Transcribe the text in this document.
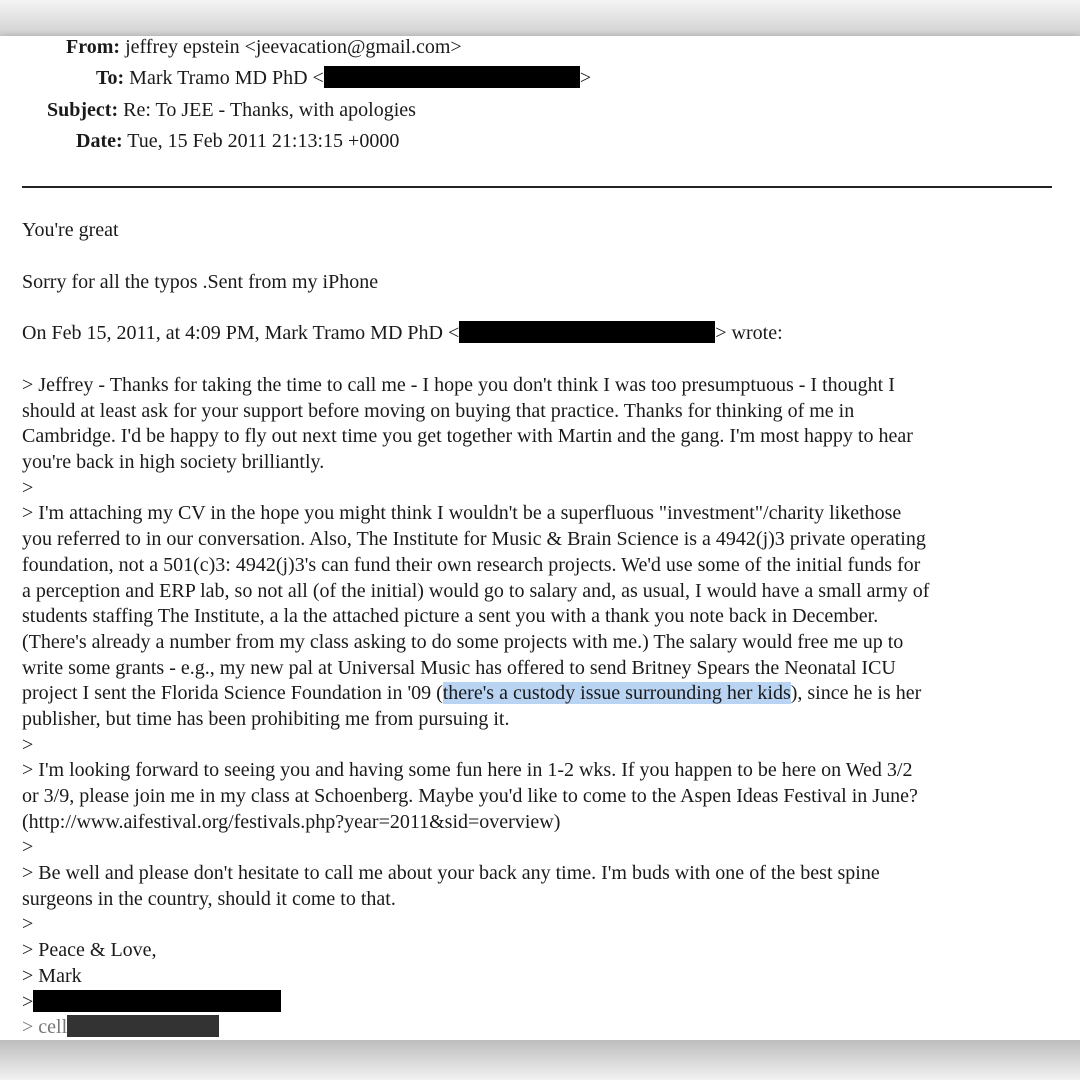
From: jeffrey epstein <jeevacation@gmail.com>
To: Mark Tramo MD PhD <	>
Subject: Re: To JEE - Thanks, with apologies
Date: Tue, 15 Feb 2011 21:13:15 +0000
You're great
Sorry for all the typos .Sent from my iPhone
On Feb 15, 2011, at 4:09 PM, Mark Tramo MD PhD <	> wrote:
> Jeffrey - Thanks for taking the time to call me - I hope you don't think I was too presumptuous - I thought I
should at least ask for your support before moving on buying that practice. Thanks for thinking of me in
Cambridge. I'd be happy to fly out next time you get together with Martin and the gang. I'm most happy to hear
you're back in high society brilliantly.
>
> I'm attaching my CV in the hope you might think I wouldn't be a superfluous "investment"/charity likethose
you referred to in our conversation. Also, The Institute for Music & Brain Science is a 4942(j)3 private operating
foundation, not a 501(c)3: 4942(j)3's can fund their own research projects. We'd use some of the initial funds for
a perception and ERP lab, so not all (of the initial) would go to salary and, as usual, I would have a small army of
students staffing The Institute, a la the attached picture a sent you with a thank you note back in December.
(There's already a number from my class asking to do some projects with me.) The salary would free me up to
write some grants - e.g., my new pal at Universal Music has offered to send Britney Spears the Neonatal ICU
project I sent the Florida Science Foundation in '09 (there's a custody issue surrounding her kids), since he is her
publisher, but time has been prohibiting me from pursuing it.
>
> I'm looking forward to seeing you and having some fun here in 1-2 wks. If you happen to be here on Wed 3/2
or 3/9, please join me in my class at Schoenberg. Maybe you'd like to come to the Aspen Ideas Festival in June?
(http://www.aifestival.org/festivals.php?year=2011&sid=overview)
>
> Be well and please don't hesitate to call me about your back any time. I'm buds with one of the best spine
surgeons in the country, should it come to that.
>
> Peace & Love,
> Mark
>
> cell
